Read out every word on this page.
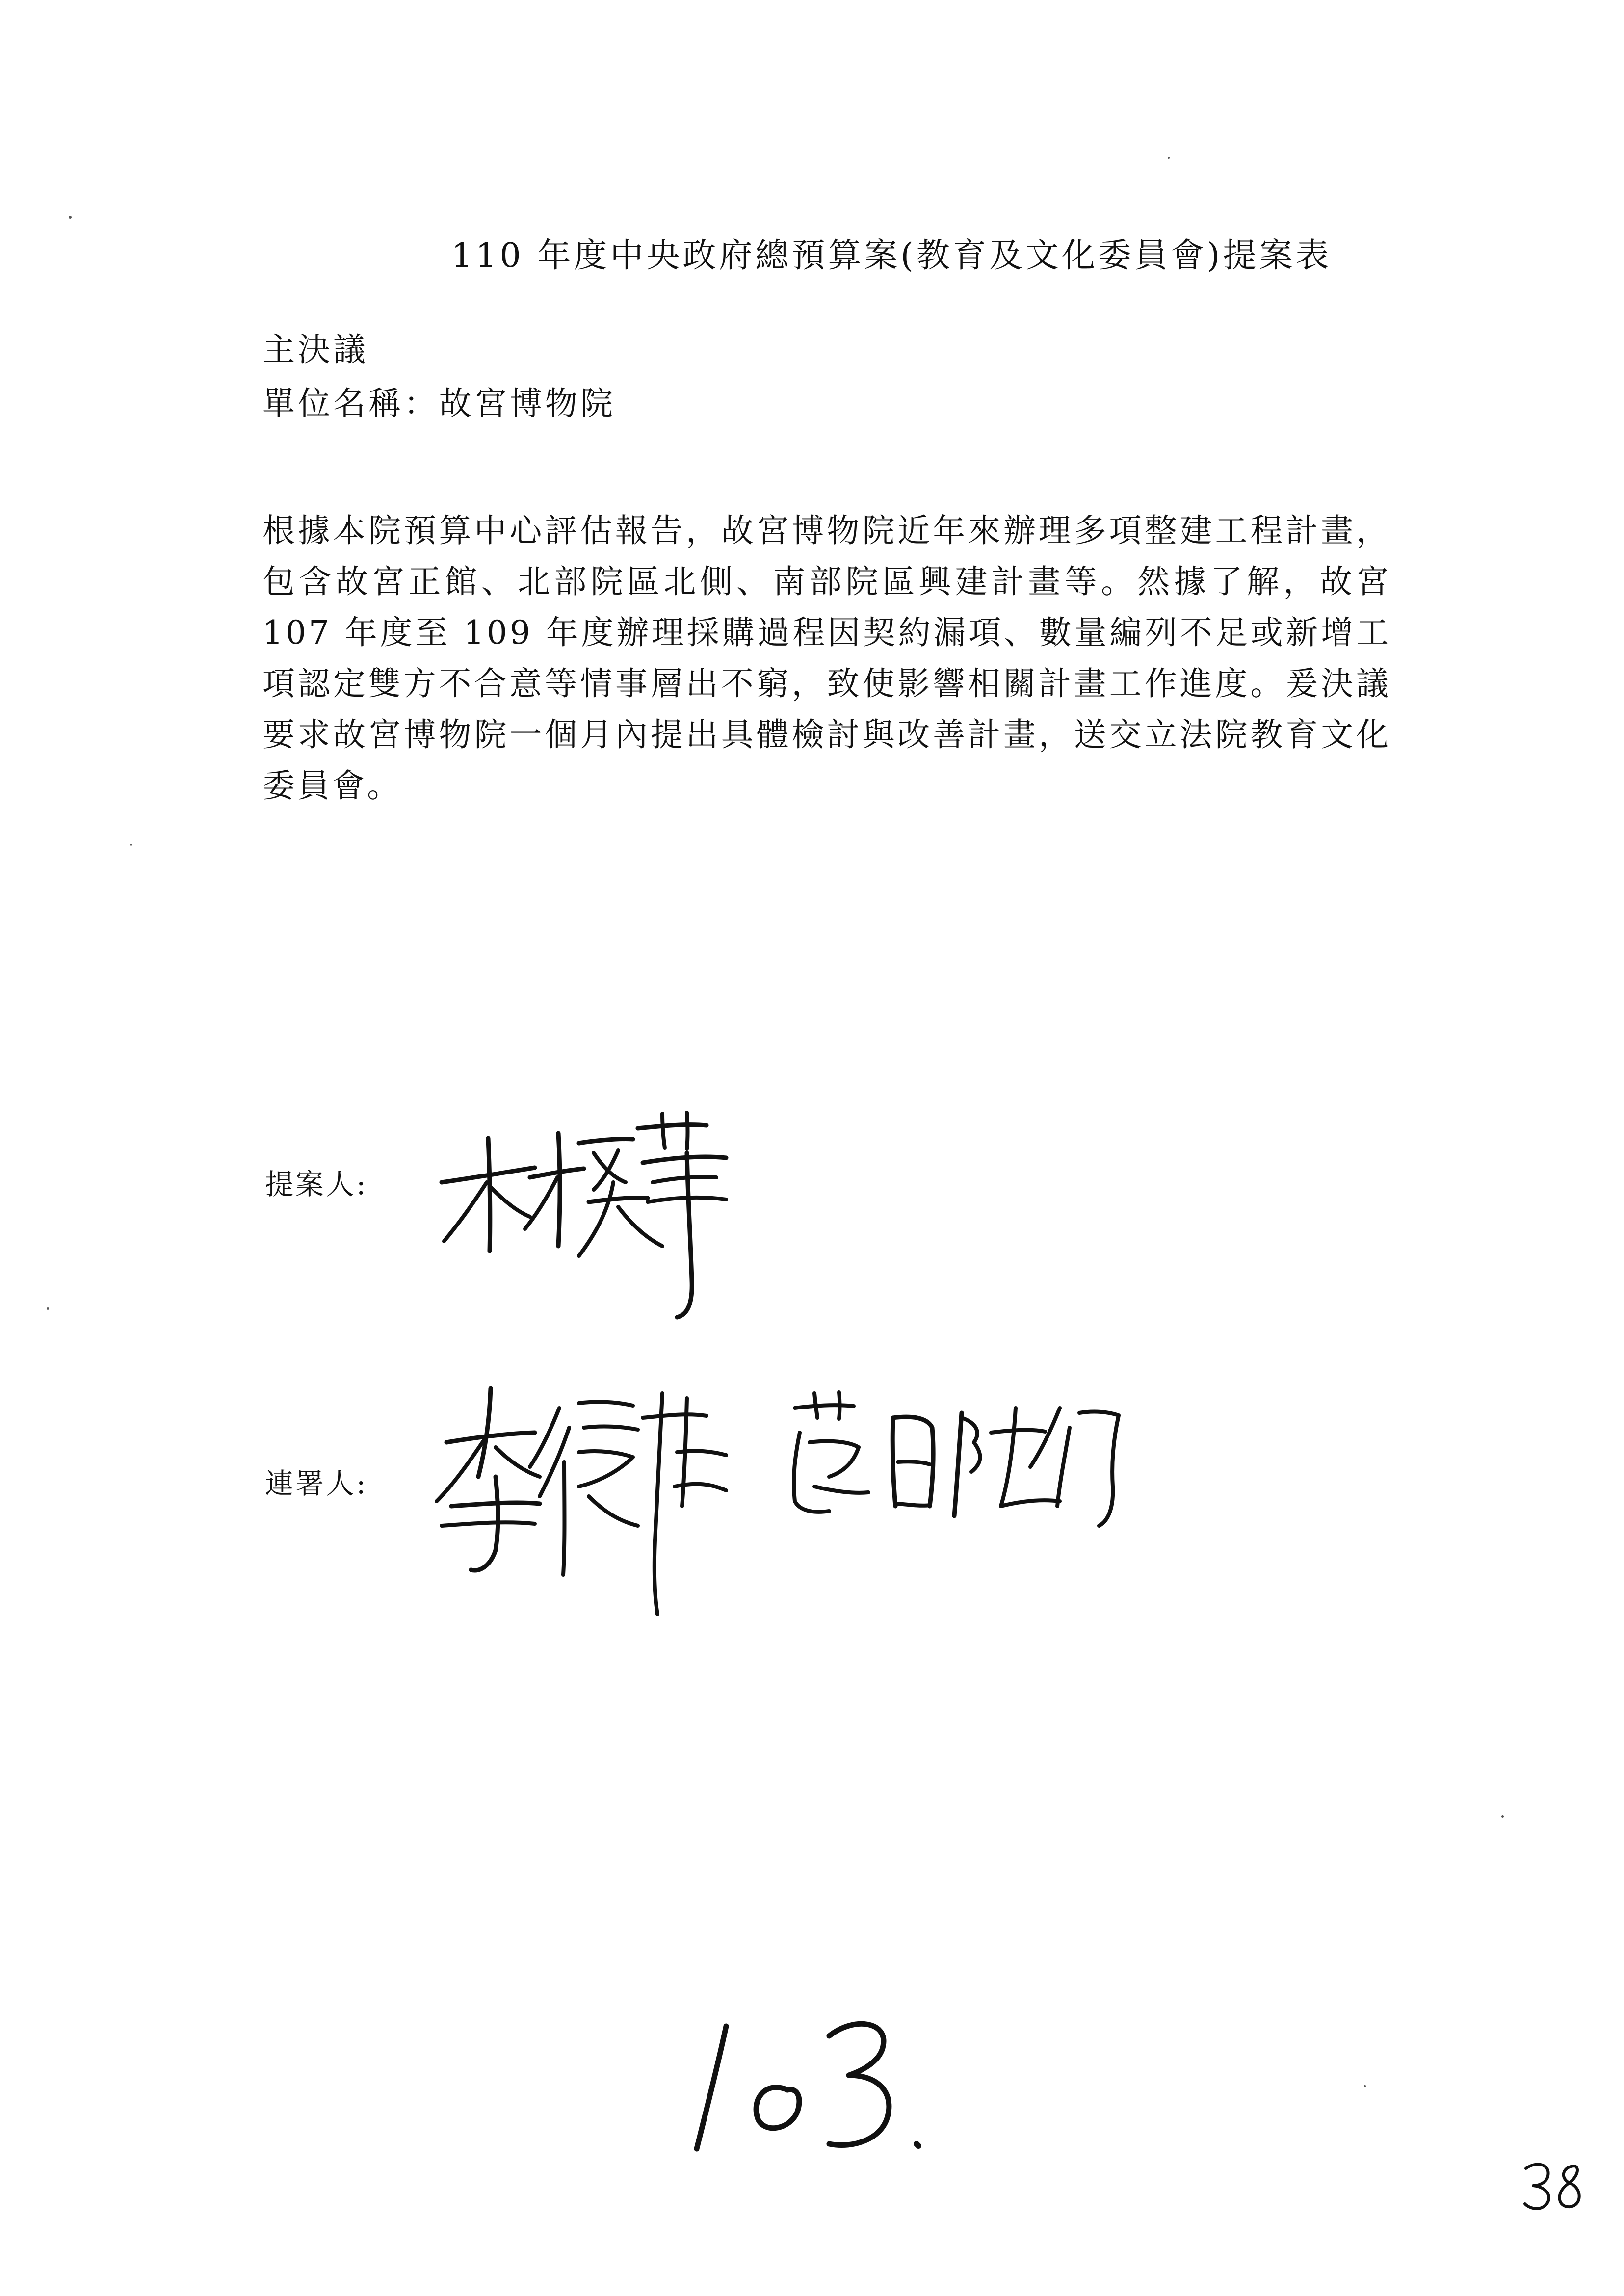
110 年度中央政府總預算案(教育及文化委員會)提案表
主決議
單位名稱：故宮博物院
根據本院預算中心評估報告，故宮博物院近年來辦理多項整建工程計畫，包含故宮正館、北部院區北側、南部院區興建計畫等。然據了解，故宮 107 年度至 109 年度辦理採購過程因契約漏項、數量編列不足或新增工項認定雙方不合意等情事層出不窮，致使影響相關計畫工作進度。爰決議要求故宮博物院一個月內提出具體檢討與改善計畫，送交立法院教育文化委員會。
提案人:
連署人:
